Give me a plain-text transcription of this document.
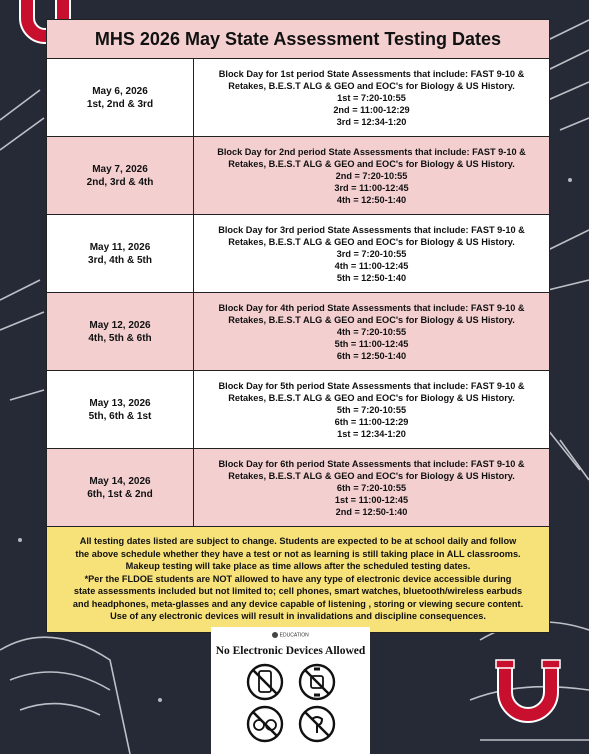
MHS 2026 May State Assessment Testing Dates
May 6, 2026
1st, 2nd & 3rd
Block Day for 1st period State Assessments that include: FAST 9-10 &
Retakes, B.E.S.T ALG & GEO and EOC's for Biology & US History.
1st = 7:20-10:55
2nd = 11:00-12:29
3rd = 12:34-1:20
May 7, 2026
2nd, 3rd & 4th
Block Day for 2nd period State Assessments that include: FAST 9-10 &
Retakes, B.E.S.T ALG & GEO and EOC's for Biology & US History.
2nd = 7:20-10:55
3rd = 11:00-12:45
4th = 12:50-1:40
May 11, 2026
3rd, 4th & 5th
Block Day for 3rd period State Assessments that include: FAST 9-10 &
Retakes, B.E.S.T ALG & GEO and EOC's for Biology & US History.
3rd = 7:20-10:55
4th = 11:00-12:45
5th = 12:50-1:40
May 12, 2026
4th, 5th & 6th
Block Day for 4th period State Assessments that include: FAST 9-10 &
Retakes, B.E.S.T ALG & GEO and EOC's for Biology & US History.
4th = 7:20-10:55
5th = 11:00-12:45
6th = 12:50-1:40
May 13, 2026
5th, 6th & 1st
Block Day for 5th period State Assessments that include: FAST 9-10 &
Retakes, B.E.S.T ALG & GEO and EOC's for Biology & US History.
5th = 7:20-10:55
6th = 11:00-12:29
1st = 12:34-1:20
May 14, 2026
6th, 1st & 2nd
Block Day for 6th period State Assessments that include: FAST 9-10 &
Retakes, B.E.S.T ALG & GEO and EOC's for Biology & US History.
6th = 7:20-10:55
1st = 11:00-12:45
2nd = 12:50-1:40

All testing dates listed are subject to change. Students are expected to be at school daily and follow

the above schedule whether they have a test or not as learning is still taking place in ALL classrooms.

Makeup testing will take place as time allows after the scheduled testing dates.

*Per the FLDOE students are NOT allowed to have any type of electronic device accessible during

state assessments included but not limited to; cell phones, smart watches, bluetooth/wireless earbuds

and headphones, meta-glasses and any device capable of listening , storing or viewing secure content.

Use of any electronic devices will result in invalidations and discipline consequences.

EDUCATION
No Electronic Devices Allowed
